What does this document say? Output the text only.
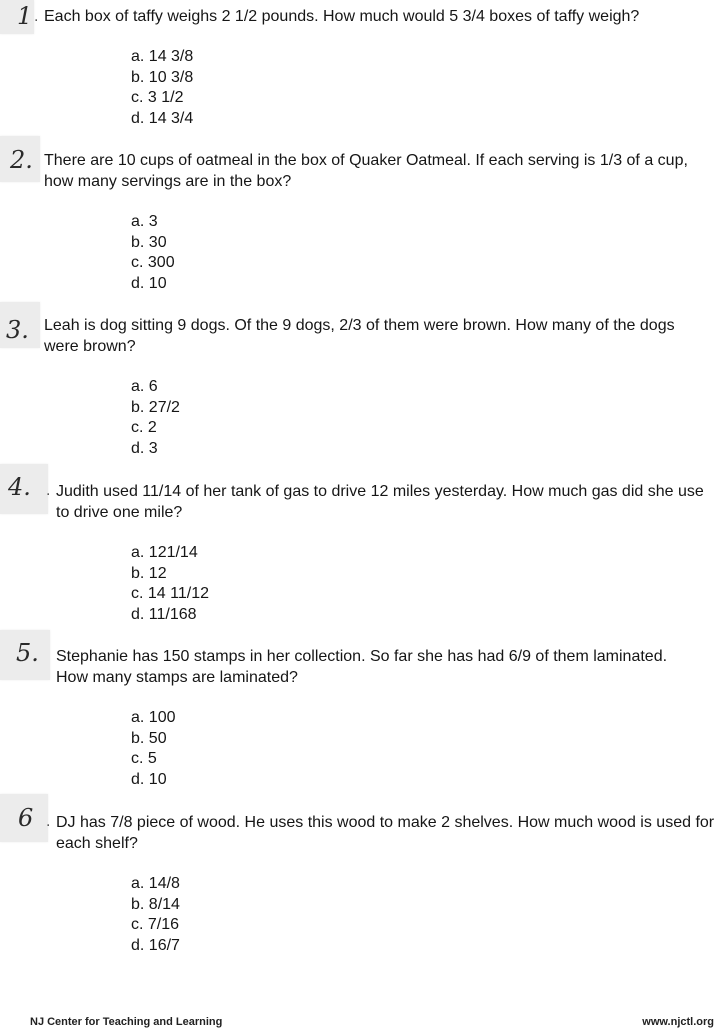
1 . Each box of taffy weighs 2 1/2 pounds. How much would 5 3/4 boxes of taffy weigh?

a. 14 3/8
b. 10 3/8
c. 3 1/2
d. 14 3/4
2. There are 10 cups of oatmeal in the box of Quaker Oatmeal. If each serving is 1/3 of a cup, how many servings are in the box?

a. 3
b. 30
c. 300
d. 10
3. Leah is dog sitting 9 dogs. Of the 9 dogs, 2/3 of them were brown. How many of the dogs were brown?

a. 6
b. 27/2
c. 2
d. 3
4. . Judith used 11/14 of her tank of gas to drive 12 miles yesterday. How much gas did she use to drive one mile?

a. 121/14
b. 12
c. 14 11/12
d. 11/168
5. Stephanie has 150 stamps in her collection. So far she has had 6/9 of them laminated. How many stamps are laminated?

a. 100
b. 50
c. 5
d. 10
6 . DJ has 7/8 piece of wood. He uses this wood to make 2 shelves. How much wood is used for each shelf?

a. 14/8
b. 8/14
c. 7/16
d. 16/7
NJ Center for Teaching and Learning	www.njctl.org
